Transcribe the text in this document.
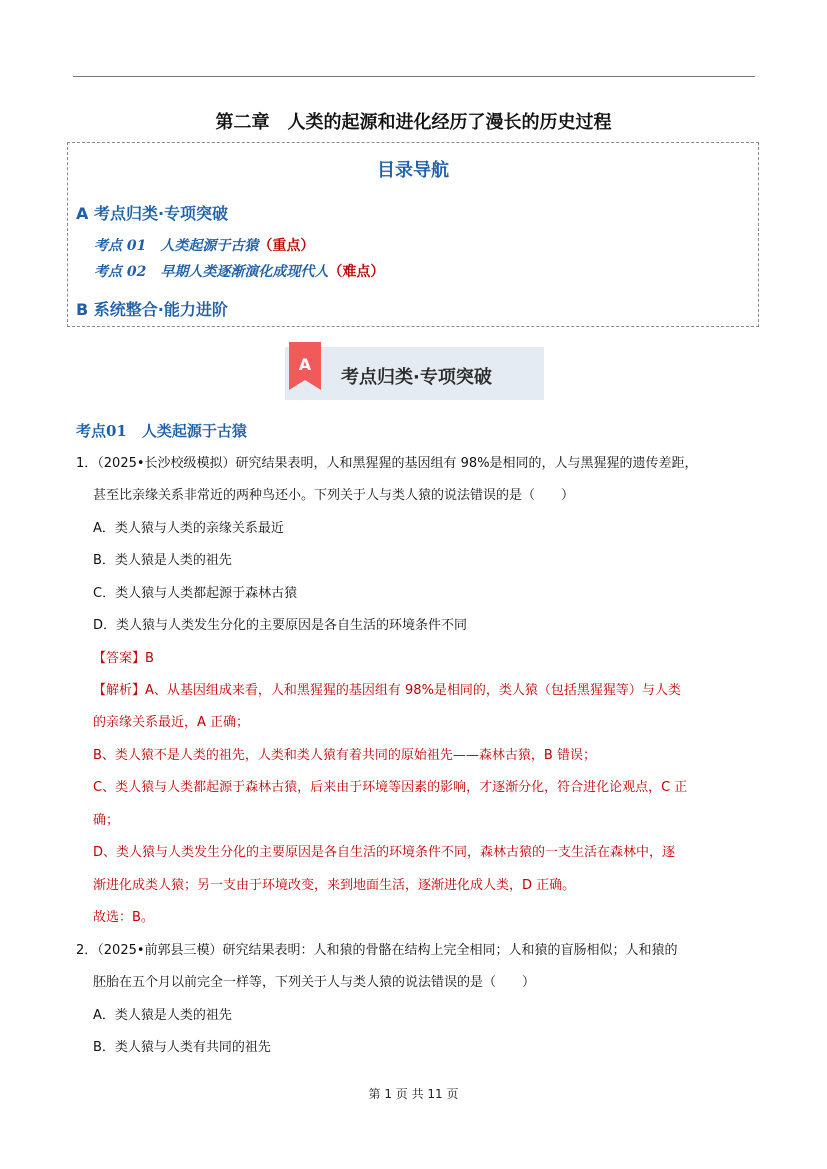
第二章　人类的起源和进化经历了漫长的历史过程
目录导航
A 考点归类·专项突破
考点 01　人类起源于古猿（重点）
考点 02　早期人类逐渐演化成现代人（难点）
B 系统整合·能力进阶
A
考点归类·专项突破
考点01　人类起源于古猿
1．（2025•长沙校级模拟）研究结果表明，人和黑猩猩的基因组有 98%是相同的，人与黑猩猩的遗传差距，
甚至比亲缘关系非常近的两种鸟还小。下列关于人与类人猿的说法错误的是（　　）
A．类人猿与人类的亲缘关系最近
B．类人猿是人类的祖先
C．类人猿与人类都起源于森林古猿
D．类人猿与人类发生分化的主要原因是各自生活的环境条件不同
【答案】B
【解析】A、从基因组成来看，人和黑猩猩的基因组有 98%是相同的，类人猿（包括黑猩猩等）与人类
的亲缘关系最近，A 正确；
B、类人猿不是人类的祖先，人类和类人猿有着共同的原始祖先——森林古猿，B 错误；
C、类人猿与人类都起源于森林古猿，后来由于环境等因素的影响，才逐渐分化，符合进化论观点，C 正
确；
D、类人猿与人类发生分化的主要原因是各自生活的环境条件不同，森林古猿的一支生活在森林中，逐
渐进化成类人猿；另一支由于环境改变，来到地面生活，逐渐进化成人类，D 正确。
故选：B。
2．（2025•前郭县三模）研究结果表明：人和猿的骨骼在结构上完全相同；人和猿的盲肠相似；人和猿的
胚胎在五个月以前完全一样等，下列关于人与类人猿的说法错误的是（　　）
A．类人猿是人类的祖先
B．类人猿与人类有共同的祖先
第 1 页 共 11 页
